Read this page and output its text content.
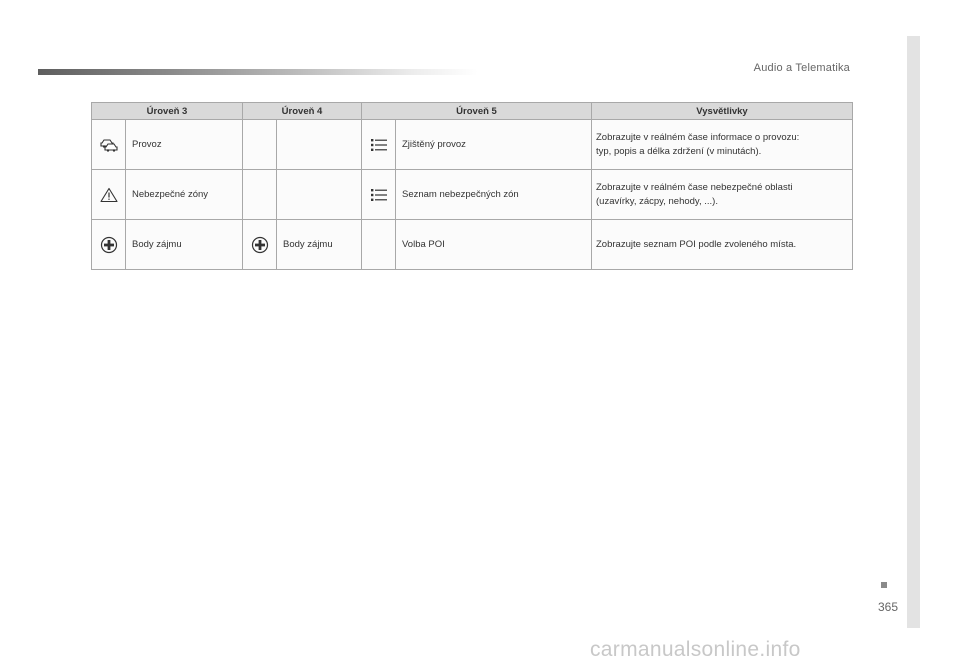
Audio a Telematika
Úroveň 3	Úroveň 4	Úroveň 5	Vysvětlivky

Provoz		Zjištěný provoz	Zobrazujte v reálném čase informace o provozu:
typ, popis a délka zdržení (v minutách).

Nebezpečné zóny		Seznam nebezpečných zón	Zobrazujte v reálném čase nebezpečné oblasti
(uzavírky, zácpy, nehody, ...).

Body zájmu	Body zájmu	Volba POI	Zobrazujte seznam POI podle zvoleného místa.
365
carmanualsonline.info
